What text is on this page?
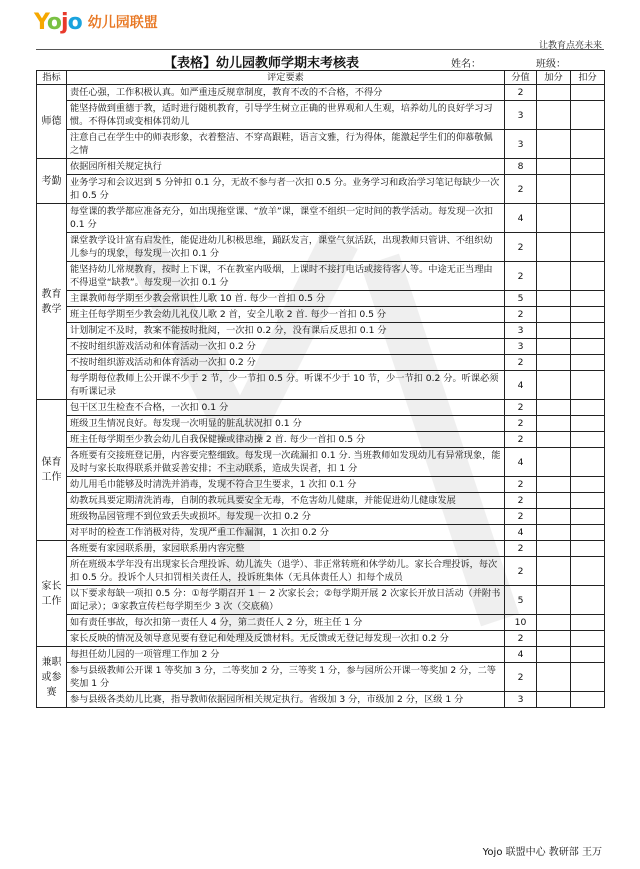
Yojo 幼儿园联盟
让教育点亮未来
【表格】幼儿园教师学期末考核表	姓名：	班级：
指标	评定要素	分值	加分	扣分
师德	责任心强，工作积极认真。如严重违反规章制度，教育不改的不合格，不得分	2		
	能坚持做到重德于教，适时进行随机教育，引导学生树立正确的世界观和人生观，培养幼儿的良好学习习惯。不得体罚或变相体罚幼儿	3		
	注意自己在学生中的师表形象，衣着整洁、不穿高跟鞋，语言文雅，行为得体，能激起学生们的仰慕敬佩之情	3		
考勤	依据园所相关规定执行	8		
	业务学习和会议迟到 5 分钟扣 0.1 分，无故不参与者一次扣 0.5 分。业务学习和政治学习笔记每缺少一次扣 0.5 分	2		
教育教学	每堂课的教学都应准备充分，如出现拖堂课、“放羊”课，课堂不组织一定时间的教学活动。每发现一次扣 0.1 分	4		
	课堂教学设计富有启发性，能促进幼儿积极思维，踊跃发言，课堂气氛活跃，出现教师只管讲、不组织幼儿参与的现象，每发现一次扣 0.1 分	2		
	能坚持幼儿常规教育，按时上下课，不在教室内吸烟，上课时不接打电话或接待客人等。中途无正当理由不得退堂“缺教”。每发现一次扣 0.1 分	2		
	主课教师每学期至少教会常识性儿歌 10 首. 每少一首扣 0.5 分	5		
	班主任每学期至少教会幼儿礼仪儿歌 2 首，安全儿歌 2 首. 每少一首扣 0.5 分	2		
	计划制定不及时，教案不能按时批阅，一次扣 0.2 分，没有课后反思扣 0.1 分	3		
	不按时组织游戏活动和体育活动一次扣 0.2 分	3		
	不按时组织游戏活动和体育活动一次扣 0.2 分	2		
	每学期每位教师上公开课不少于 2 节，少一节扣 0.5 分。听课不少于 10 节，少一节扣 0.2 分。听课必须有听课记录	4		
保育工作	包干区卫生检查不合格，一次扣 0.1 分	2		
	班级卫生情况良好。每发现一次明显的脏乱状况扣 0.1 分	2		
	班主任每学期至少教会幼儿自我保健操或律动操 2 首. 每少一首扣 0.5 分	2		
	各班要有交接班登记册，内容要完整细致。每发现一次疏漏扣 0.1 分. 当班教师如发现幼儿有异常现象，能及时与家长取得联系并做妥善安排；不主动联系，造成失误者，扣 1 分	4		
	幼儿用毛巾能够及时清洗并消毒，发现不符合卫生要求，1 次扣 0.1 分	2		
	幼教玩具要定期清洗消毒，自制的教玩具要安全无毒，不危害幼儿健康，并能促进幼儿健康发展	2		
	班级物品园管理不到位致丢失或损坏。每发现一次扣 0.2 分	2		
	对平时的检查工作消极对待，发现严重工作漏洞，1 次扣 0.2 分	4		
家长工作	各班要有家园联系册，家园联系册内容完整	2		
	所在班级本学年没有出现家长合理投诉、幼儿流失（退学）、非正常转班和休学幼儿。家长合理投诉，每次扣 0.5 分。投诉个人只扣罚相关责任人，投诉班集体（无具体责任人）扣每个成员	2		
	以下要求每缺一项扣 0.5 分：①每学期召开 1 － 2 次家长会；②每学期开展 2 次家长开放日活动（并附书面记录）；③家教宣传栏每学期至少 3 次（交底稿）	5		
	如有责任事故，每次扣第一责任人 4 分，第二责任人 2 分，班主任 1 分	10		
	家长反映的情况及领导意见要有登记和处理及反馈材料。无反馈或无登记每发现一次扣 0.2 分	2		
兼职或参赛	每担任幼儿园的一项管理工作加 2 分	4		
	参与县级教师公开课 1 等奖加 3 分，二等奖加 2 分，三等奖 1 分，参与园所公开课一等奖加 2 分，二等奖加 1 分	2		
	参与县级各类幼儿比赛，指导教师依据园所相关规定执行。省级加 3 分，市级加 2 分，区级 1 分	3		
Yojo 联盟中心 教研部 王万
